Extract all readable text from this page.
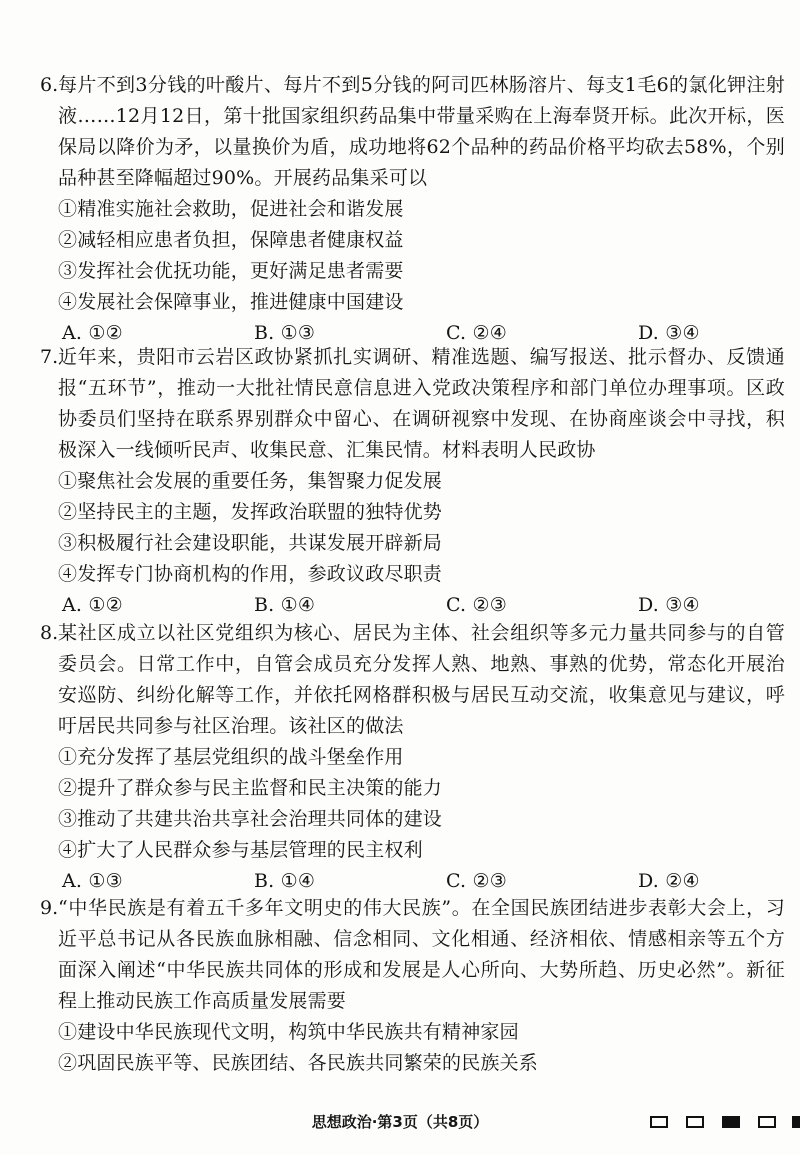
6. 每片不到3分钱的叶酸片、每片不到5分钱的阿司匹林肠溶片、每支1毛6的氯化钾注射液……12月12日，第十批国家组织药品集中带量采购在上海奉贤开标。此次开标，医保局以降价为矛，以量换价为盾，成功地将62个品种的药品价格平均砍去58%，个别品种甚至降幅超过90%。开展药品集采可以
①精准实施社会救助，促进社会和谐发展
②减轻相应患者负担，保障患者健康权益
③发挥社会优抚功能，更好满足患者需要
④发展社会保障事业，推进健康中国建设
A. ①②	B. ①③	C. ②④	D. ③④
7. 近年来，贵阳市云岩区政协紧抓扎实调研、精准选题、编写报送、批示督办、反馈通报“五环节”，推动一大批社情民意信息进入党政决策程序和部门单位办理事项。区政协委员们坚持在联系界别群众中留心、在调研视察中发现、在协商座谈会中寻找，积极深入一线倾听民声、收集民意、汇集民情。材料表明人民政协
①聚焦社会发展的重要任务，集智聚力促发展
②坚持民主的主题，发挥政治联盟的独特优势
③积极履行社会建设职能，共谋发展开辟新局
④发挥专门协商机构的作用，参政议政尽职责
A. ①②	B. ①④	C. ②③	D. ③④
8. 某社区成立以社区党组织为核心、居民为主体、社会组织等多元力量共同参与的自管委员会。日常工作中，自管会成员充分发挥人熟、地熟、事熟的优势，常态化开展治安巡防、纠纷化解等工作，并依托网格群积极与居民互动交流，收集意见与建议，呼吁居民共同参与社区治理。该社区的做法
①充分发挥了基层党组织的战斗堡垒作用
②提升了群众参与民主监督和民主决策的能力
③推动了共建共治共享社会治理共同体的建设
④扩大了人民群众参与基层管理的民主权利
A. ①③	B. ①④	C. ②③	D. ②④
9. “中华民族是有着五千多年文明史的伟大民族”。在全国民族团结进步表彰大会上，习近平总书记从各民族血脉相融、信念相同、文化相通、经济相依、情感相亲等五个方面深入阐述“中华民族共同体的形成和发展是人心所向、大势所趋、历史必然”。新征程上推动民族工作高质量发展需要
①建设中华民族现代文明，构筑中华民族共有精神家园
②巩固民族平等、民族团结、各民族共同繁荣的民族关系
思想政治·第3页（共8页）
